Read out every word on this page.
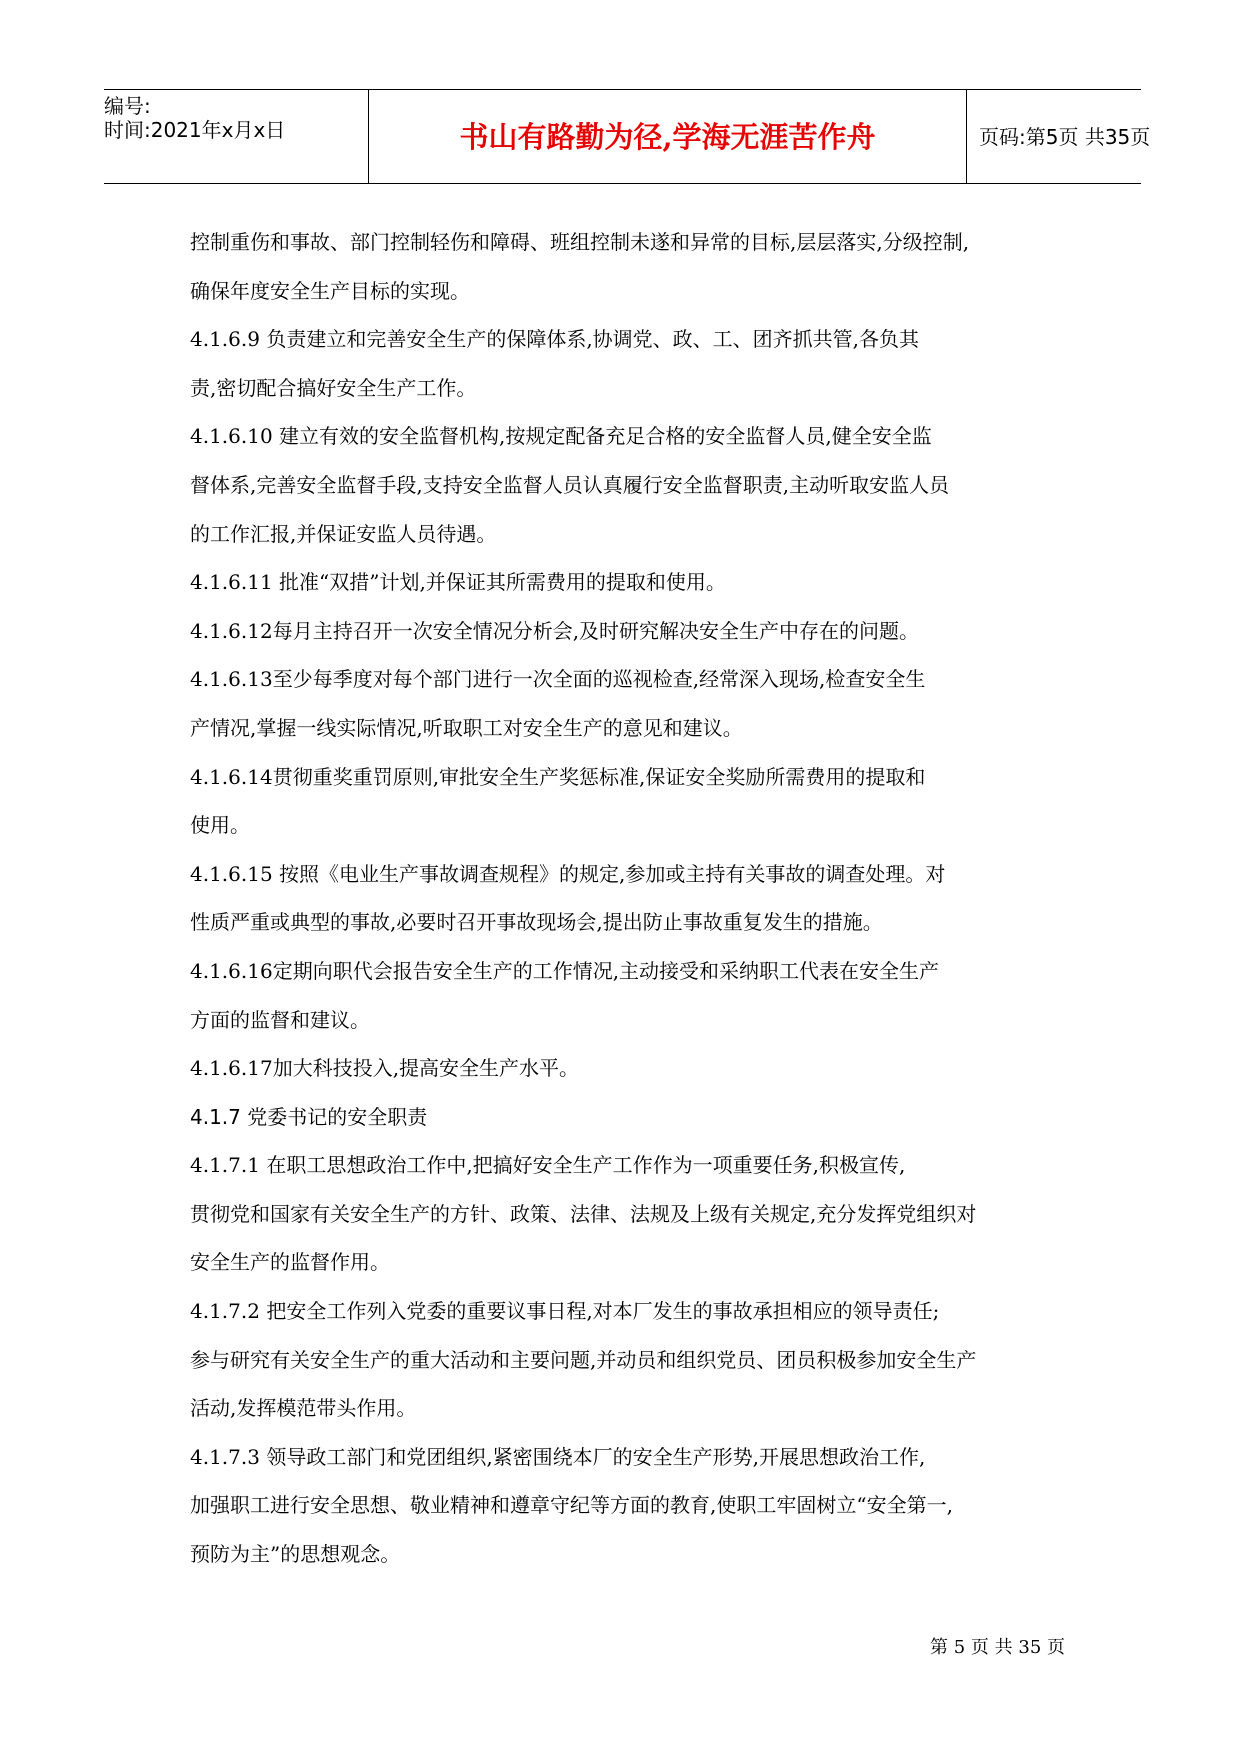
编号:
时间:2021年x月x日	书山有路勤为径,学海无涯苦作舟	页码:第5页 共35页

控制重伤和事故、部门控制轻伤和障碍、班组控制未遂和异常的目标,层层落实,分级控制,

确保年度安全生产目标的实现。

4.1.6.9 负责建立和完善安全生产的保障体系,协调党、政、工、团齐抓共管,各负其

责,密切配合搞好安全生产工作。

4.1.6.10 建立有效的安全监督机构,按规定配备充足合格的安全监督人员,健全安全监

督体系,完善安全监督手段,支持安全监督人员认真履行安全监督职责,主动听取安监人员

的工作汇报,并保证安监人员待遇。

4.1.6.11 批准“双措”计划,并保证其所需费用的提取和使用。

4.1.6.12每月主持召开一次安全情况分析会,及时研究解决安全生产中存在的问题。

4.1.6.13至少每季度对每个部门进行一次全面的巡视检查,经常深入现场,检查安全生

产情况,掌握一线实际情况,听取职工对安全生产的意见和建议。

4.1.6.14贯彻重奖重罚原则,审批安全生产奖惩标准,保证安全奖励所需费用的提取和

使用。

4.1.6.15 按照《电业生产事故调查规程》的规定,参加或主持有关事故的调查处理。对

性质严重或典型的事故,必要时召开事故现场会,提出防止事故重复发生的措施。

4.1.6.16定期向职代会报告安全生产的工作情况,主动接受和采纳职工代表在安全生产

方面的监督和建议。

4.1.6.17加大科技投入,提高安全生产水平。

4.1.7 党委书记的安全职责

4.1.7.1 在职工思想政治工作中,把搞好安全生产工作作为一项重要任务,积极宣传,

贯彻党和国家有关安全生产的方针、政策、法律、法规及上级有关规定,充分发挥党组织对

安全生产的监督作用。

4.1.7.2 把安全工作列入党委的重要议事日程,对本厂发生的事故承担相应的领导责任;

参与研究有关安全生产的重大活动和主要问题,并动员和组织党员、团员积极参加安全生产

活动,发挥模范带头作用。

4.1.7.3 领导政工部门和党团组织,紧密围绕本厂的安全生产形势,开展思想政治工作,

加强职工进行安全思想、敬业精神和遵章守纪等方面的教育,使职工牢固树立“安全第一,

预防为主”的思想观念。

第 5 页 共 35 页
